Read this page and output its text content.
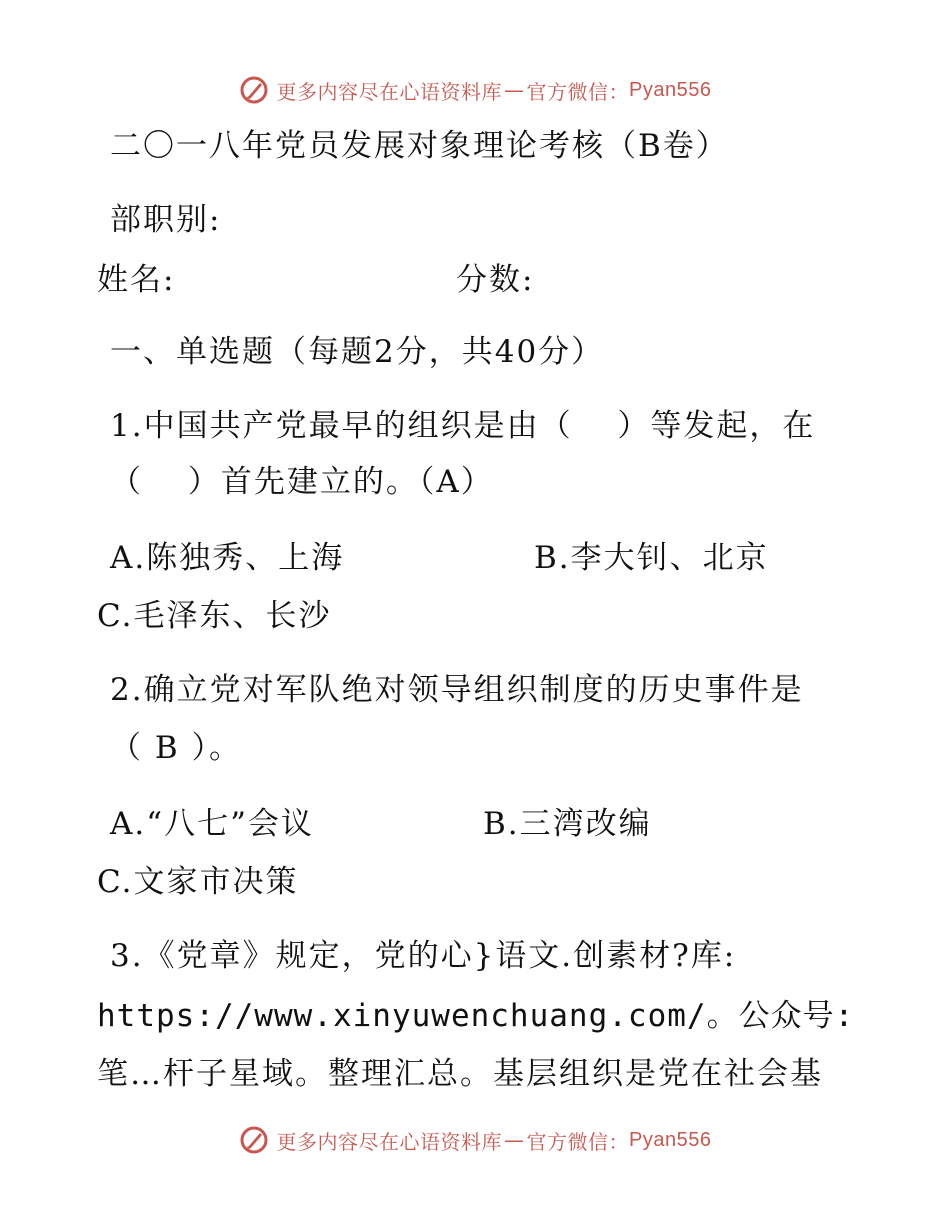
更多内容尽在心语资料库 — 官方微信： Pyan556
二〇一八年党员发展对象理论考核（B卷）
部职别:
姓名:	分数:
一、单选题（每题2分，共40分）
1.中国共产党最早的组织是由（　 ）等发起，在
（　 ）首先建立的。（A）
A.陈独秀、上海	B.李大钊、北京
C.毛泽东、长沙
2.确立党对军队绝对领导组织制度的历史事件是
（ B ）。
A.“八七”会议	B.三湾改编
C.文家市决策
3.《党章》规定，党的心}语文.创素材?库:
https://www.xinyuwenchuang.com/。公众号:
笔…杆子星域。整理汇总。基层组织是党在社会基
更多内容尽在心语资料库 — 官方微信： Pyan556
